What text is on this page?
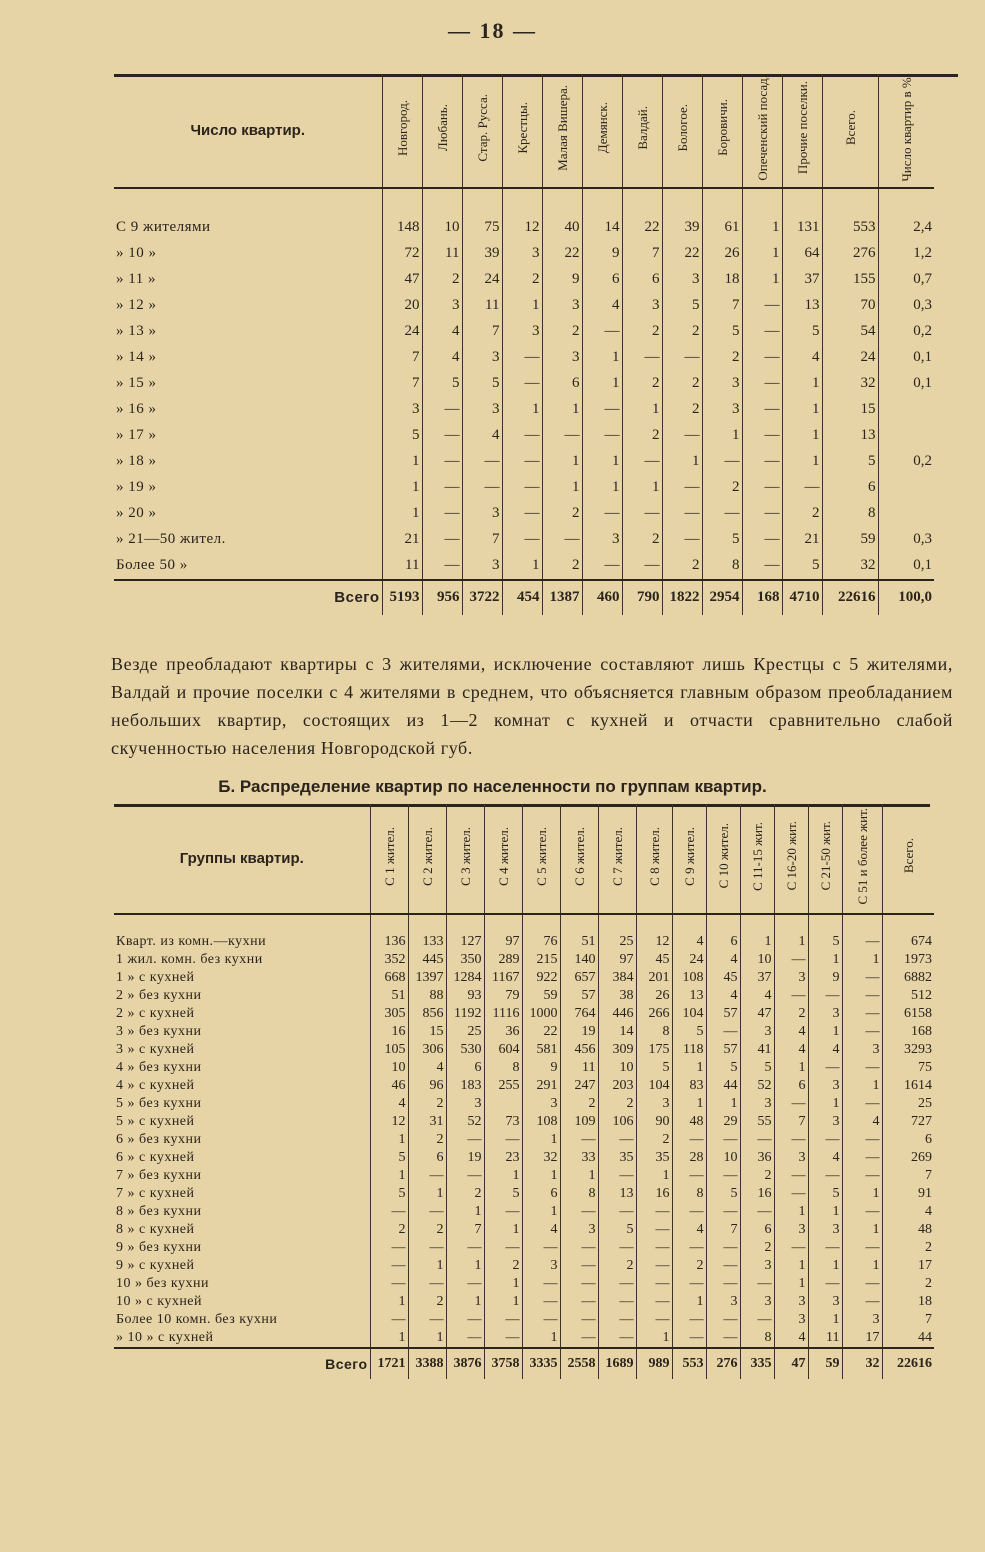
— 18 —
Число квартир.	Новгород.	Любань.	Стар. Русса.	Крестцы.	Малая Вишера.	Демянск.	Валдай.	Бологое.	Боровичи.	Опеченский посад.	Прочие поселки.	Всего.	Число квартир в %.

С 9 жителями	148	10	75	12	40	14	22	39	61	1	131	553	2,4
» 10 »	72	11	39	3	22	9	7	22	26	1	64	276	1,2
» 11 »	47	2	24	2	9	6	6	3	18	1	37	155	0,7
» 12 »	20	3	11	1	3	4	3	5	7	—	13	70	0,3
» 13 »	24	4	7	3	2	—	2	2	5	—	5	54	0,2
» 14 »	7	4	3	—	3	1	—	—	2	—	4	24	0,1
» 15 »	7	5	5	—	6	1	2	2	3	—	1	32	0,1
» 16 »	3	—	3	1	1	—	1	2	3	—	1	15	
» 17 »	5	—	4	—	—	—	2	—	1	—	1	13	
» 18 »	1	—	—	—	1	1	—	1	—	—	1	5	0,2
» 19 »	1	—	—	—	1	1	1	—	2	—	—	6	
» 20 »	1	—	3	—	2	—	—	—	—	—	2	8	
» 21—50 жител.	21	—	7	—	—	3	2	—	5	—	21	59	0,3
Более 50 »	11	—	3	1	2	—	—	2	8	—	5	32	0,1
Всего	5193	956	3722	454	1387	460	790	1822	2954	168	4710	22616	100,0
Везде преобладают квартиры с 3 жителями, исключение составляют лишь Крестцы с 5 жителями, Валдай и прочие поселки с 4 жителями в среднем, что объясняется главным образом преобладанием небольших квартир, состоящих из 1—2 комнат с кухней и отчасти сравнительно слабой скученностью населения Новгородской губ.
Б. Распределение квартир по населенности по группам квартир.
Группы квартир.	С 1 жител.	С 2 жител.	С 3 жител.	С 4 жител.	С 5 жител.	С 6 жител.	С 7 жител.	С 8 жител.	С 9 жител.	С 10 жител.	С 11-15 жит.	С 16-20 жит.	С 21-50 жит.	С 51 и более жит.	Всего.

Кварт. из комн.—кухни	136	133	127	97	76	51	25	12	4	6	1	1	5	—	674
1 жил. комн. без кухни	352	445	350	289	215	140	97	45	24	4	10	—	1	1	1973
1 » с кухней	668	1397	1284	1167	922	657	384	201	108	45	37	3	9	—	6882
2 » без кухни	51	88	93	79	59	57	38	26	13	4	4	—	—	—	512
2 » с кухней	305	856	1192	1116	1000	764	446	266	104	57	47	2	3	—	6158
3 » без кухни	16	15	25	36	22	19	14	8	5	—	3	4	1	—	168
3 » с кухней	105	306	530	604	581	456	309	175	118	57	41	4	4	3	3293
4 » без кухни	10	4	6	8	9	11	10	5	1	5	5	1	—	—	75
4 » с кухней	46	96	183	255	291	247	203	104	83	44	52	6	3	1	1614
5 » без кухни	4	2	3		3	2	2	3	1	1	3	—	1	—	25
5 » с кухней	12	31	52	73	108	109	106	90	48	29	55	7	3	4	727
6 » без кухни	1	2	—	—	1	—	—	2	—	—	—	—	—	—	6
6 » с кухней	5	6	19	23	32	33	35	35	28	10	36	3	4	—	269
7 » без кухни	1	—	—	1	1	1	—	1	—	—	2	—	—	—	7
7 » с кухней	5	1	2	5	6	8	13	16	8	5	16	—	5	1	91
8 » без кухни	—	—	1	—	1	—	—	—	—	—	—	1	1	—	4
8 » с кухней	2	2	7	1	4	3	5	—	4	7	6	3	3	1	48
9 » без кухни	—	—	—	—	—	—	—	—	—	—	2	—	—	—	2
9 » с кухней	—	1	1	2	3	—	2	—	2	—	3	1	1	1	17
10 » без кухни	—	—	—	1	—	—	—	—	—	—	—	1	—	—	2
10 » с кухней	1	2	1	1	—	—	—	—	1	3	3	3	3	—	18
Более 10 комн. без кухни	—	—	—	—	—	—	—	—	—	—	—	3	1	3	7
» 10 » с кухней	1	1	—	—	1	—	—	1	—	—	8	4	11	17	44
Всего	1721	3388	3876	3758	3335	2558	1689	989	553	276	335	47	59	32	22616
